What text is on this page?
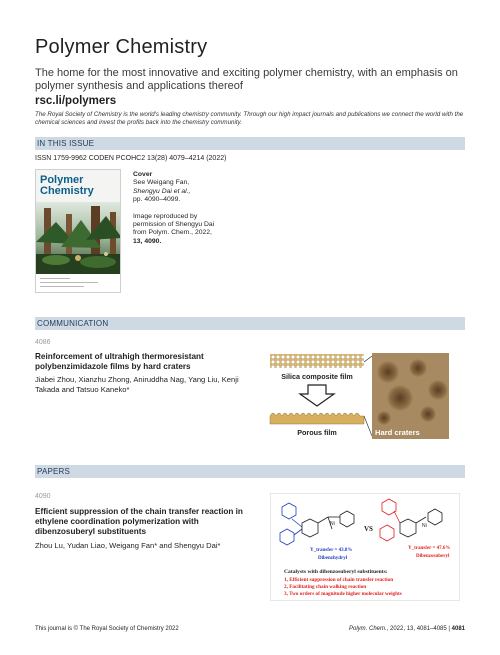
Polymer Chemistry
The home for the most innovative and exciting polymer chemistry, with an emphasis on polymer synthesis and applications thereof
rsc.li/polymers
The Royal Society of Chemistry is the world's leading chemistry community. Through our high impact journals and publications we connect the world with the chemical sciences and invest the profits back into the chemistry community.
IN THIS ISSUE
ISSN 1759-9962 CODEN PCOHC2 13(28) 4079–4214 (2022)
Polymer
Chemistry
Cover
See Weigang Fan,
Shengyu Dai et al.,
pp. 4090–4099.
Image reproduced by
permission of Shengyu Dai
from Polym. Chem., 2022,
13, 4090.
COMMUNICATION
4086
Reinforcement of ultrahigh thermoresistant polybenzimidazole films by hard craters
Jiabei Zhou, Xianzhu Zhong, Aniruddha Nag, Yang Liu, Kenji Takada and Tatsuo Kaneko*
Silica composite film
Porous film	Hard craters
PAPERS
4090
Efficient suppression of the chain transfer reaction in ethylene coordination polymerization with dibenzosuberyl substituents
Zhou Lu, Yudan Liao, Weigang Fan* and Shengyu Dai*
Ni
Y_transfer = 43.8%
Dibenzhydryl
VS	Ni
Y_transfer = 47.6%
Dibenzosuberyl
Catalysts with dibenzosuberyl substituents:
1, Efficient suppression of chain transfer reaction
2, Facilitating chain walking reaction
3, Two orders of magnitude higher molecular weights
This journal is © The Royal Society of Chemistry 2022	Polym. Chem., 2022, 13, 4081–4085 | 4081
